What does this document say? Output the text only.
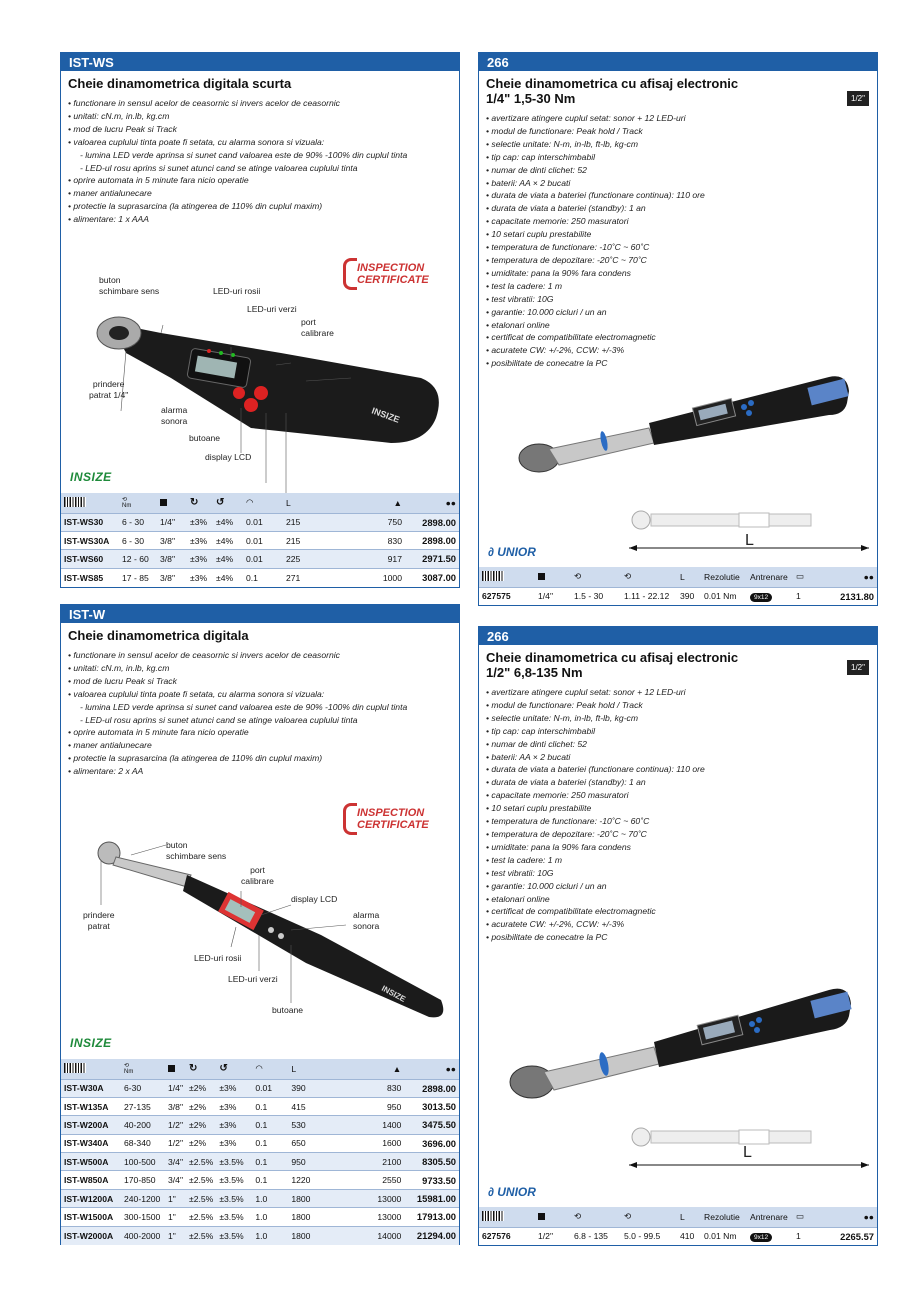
IST-WS
Cheie dinamometrica digitala scurta
• functionare in sensul acelor de ceasornic si invers acelor de ceasornic
• unitati: cN.m, in.lb, kg.cm
• mod de lucru Peak si Track
• valoarea cuplului tinta poate fi setata, cu alarma sonora si vizuala:
- lumina LED verde aprinsa si sunet cand valoarea este de 90% -100% din cuplul tinta
- LED-ul rosu aprins si sunet atunci cand se atinge valoarea cuplului tinta
• oprire automata in 5 minute fara nicio operatie
• maner antialunecare
• protectie la suprasarcina (la atingerea de 110% din cuplul maxim)
• alimentare: 1 x AAA
INSIZE
buton
schimbare sens	LED-uri rosii
LED-uri verzi
port
calibrare
prindere
patrat 1/4"
alarma
sonora
butoane
display LCD
INSPECTION
CERTIFICATE
INSIZE
	⟲
Nm		↻	↺	◠	L	▲	●●
IST-WS30	6 - 30	1/4"	±3%	±4%	0.01	215	750	2898.00
IST-WS30A	6 - 30	3/8"	±3%	±4%	0.01	215	830	2898.00
IST-WS60	12 - 60	3/8"	±3%	±4%	0.01	225	917	2971.50
IST-WS85	17 - 85	3/8"	±3%	±4%	0.1	271	1000	3087.00
IST-W
Cheie dinamometrica digitala
• functionare in sensul acelor de ceasornic si invers acelor de ceasornic
• unitati: cN.m, in.lb, kg.cm
• mod de lucru Peak si Track
• valoarea cuplului tinta poate fi setata, cu alarma sonora si vizuala:
- lumina LED verde aprinsa si sunet cand valoarea este de 90% -100% din cuplul tinta
- LED-ul rosu aprins si sunet atunci cand se atinge valoarea cuplului tinta
• oprire automata in 5 minute fara nicio operatie
• maner antialunecare
• protectie la suprasarcina (la atingerea de 110% din cuplul maxim)
• alimentare: 2 x AA
INSIZE
buton
schimbare sens
port
calibrare
display LCD
prindere
patrat
alarma
sonora
LED-uri rosii
LED-uri verzi
butoane
INSPECTION
CERTIFICATE
INSIZE
	⟲
Nm		↻	↺	◠	L	▲	●●
IST-W30A	6-30	1/4"	±2%	±3%	0.01	390	830	2898.00
IST-W135A	27-135	3/8"	±2%	±3%	0.1	415	950	3013.50
IST-W200A	40-200	1/2"	±2%	±3%	0.1	530	1400	3475.50
IST-W340A	68-340	1/2"	±2%	±3%	0.1	650	1600	3696.00
IST-W500A	100-500	3/4"	±2.5%	±3.5%	0.1	950	2100	8305.50
IST-W850A	170-850	3/4"	±2.5%	±3.5%	0.1	1220	2550	9733.50
IST-W1200A	240-1200	1"	±2.5%	±3.5%	1.0	1800	13000	15981.00
IST-W1500A	300-1500	1"	±2.5%	±3.5%	1.0	1800	13000	17913.00
IST-W2000A	400-2000	1"	±2.5%	±3.5%	1.0	1800	14000	21294.00
266
Cheie dinamometrica cu afisaj electronic
1/4" 1,5-30 Nm	1/2"
• avertizare atingere cuplul setat: sonor + 12 LED-uri
• modul de functionare: Peak hold / Track
• selectie unitate: N-m, in-lb, ft-lb, kg-cm
• tip cap: cap interschimbabil
• numar de dinti clichet: 52
• baterii: AA × 2 bucati
• durata de viata a bateriei (functionare continua): 110 ore
• durata de viata a bateriei (standby): 1 an
• capacitate memorie: 250 masuratori
• 10 setari cuplu prestabilite
• temperatura de functionare: -10˚C ~ 60˚C
• temperatura de depozitare: -20˚C ~ 70˚C
• umiditate: pana la 90% fara condens
• test la cadere: 1 m
• test vibratii: 10G
• garantie: 10.000 cicluri / un an
• etalonari online
• certificat de compatibilitate electromagnetic
• acuratete CW: +/-2%, CCW: +/-3%
• posibilitate de conecatre la PC
L
∂ UNIOR
		⟲	⟲	L	Rezolutie	Antrenare	▭	●●
627575	1/4"	1.5 - 30	1.11 - 22.12	390	0.01 Nm	9x12	1	2131.80
266
Cheie dinamometrica cu afisaj electronic
1/2" 6,8-135 Nm	1/2"
• avertizare atingere cuplul setat: sonor + 12 LED-uri
• modul de functionare: Peak hold / Track
• selectie unitate: N-m, in-lb, ft-lb, kg-cm
• tip cap: cap interschimbabil
• numar de dinti clichet: 52
• baterii: AA × 2 bucati
• durata de viata a bateriei (functionare continua): 110 ore
• durata de viata a bateriei (standby): 1 an
• capacitate memorie: 250 masuratori
• 10 setari cuplu prestabilite
• temperatura de functionare: -10˚C ~ 60˚C
• temperatura de depozitare: -20˚C ~ 70˚C
• umiditate: pana la 90% fara condens
• test la cadere: 1 m
• test vibratii: 10G
• garantie: 10.000 cicluri / un an
• etalonari online
• certificat de compatibilitate electromagnetic
• acuratete CW: +/-2%, CCW: +/-3%
• posibilitate de conecatre la PC
L
∂ UNIOR
		⟲	⟲	L	Rezolutie	Antrenare	▭	●●
627576	1/2"	6.8 - 135	5.0 - 99.5	410	0.01 Nm	9x12	1	2265.57
